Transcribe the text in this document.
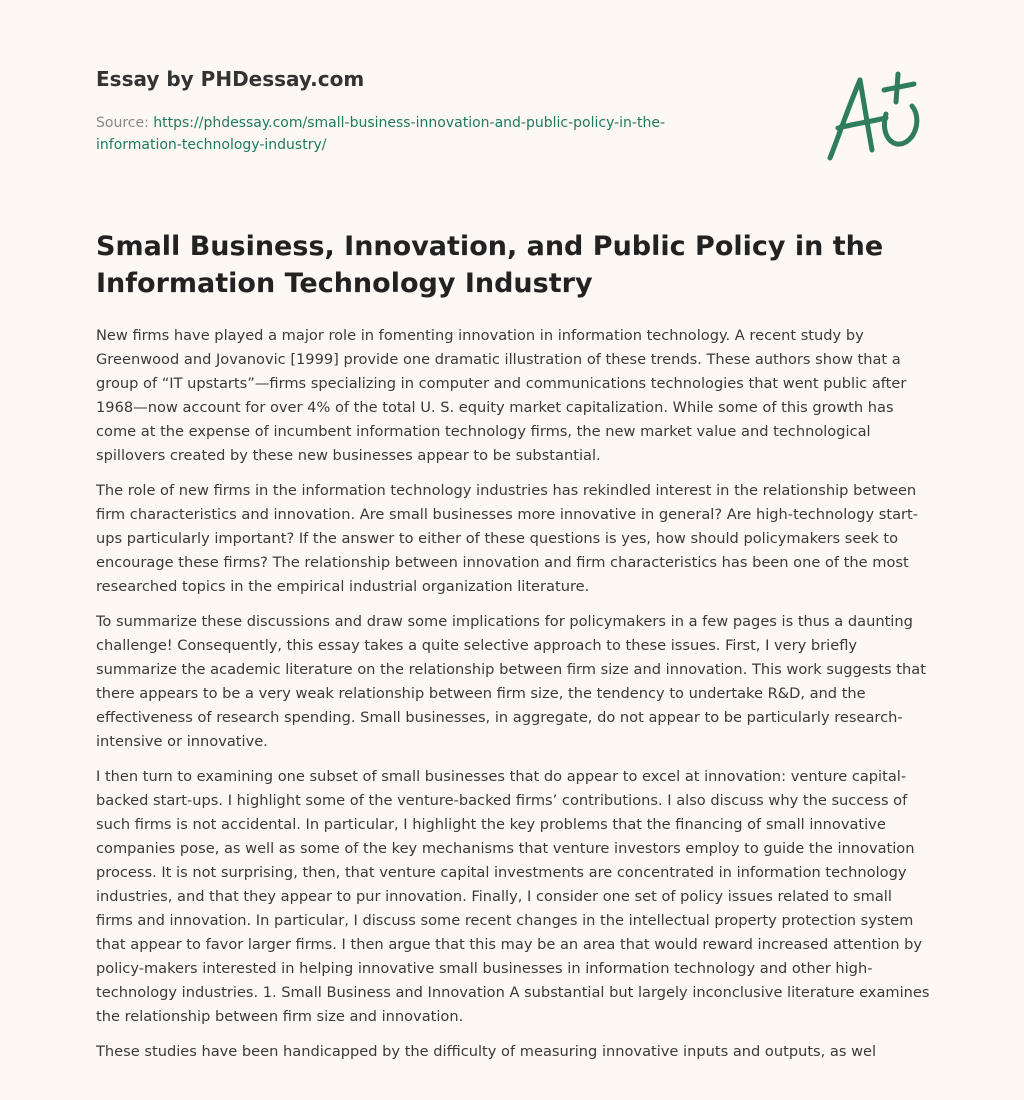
Essay by PHDessay.com
Source: https://phdessay.com/small-business-innovation-and-public-policy-in-the-information-technology-industry/
Small Business, Innovation, and Public Policy in the Information Technology Industry

New firms have played a major role in fomenting innovation in information technology. A recent study by Greenwood and Jovanovic [1999] provide one dramatic illustration of these trends. These authors show that a group of “IT upstarts”—firms specializing in computer and communications technologies that went public after 1968—now account for over 4% of the total U. S. equity market capitalization. While some of this growth has come at the expense of incumbent information technology firms, the new market value and technological spillovers created by these new businesses appear to be substantial.

The role of new firms in the information technology industries has rekindled interest in the relationship between firm characteristics and innovation. Are small businesses more innovative in general? Are high-technology start-ups particularly important? If the answer to either of these questions is yes, how should policymakers seek to encourage these firms? The relationship between innovation and firm characteristics has been one of the most researched topics in the empirical industrial organization literature.

To summarize these discussions and draw some implications for policymakers in a few pages is thus a daunting challenge! Consequently, this essay takes a quite selective approach to these issues. First, I very briefly summarize the academic literature on the relationship between firm size and innovation. This work suggests that there appears to be a very weak relationship between firm size, the tendency to undertake R&D, and the effectiveness of research spending. Small businesses, in aggregate, do not appear to be particularly research-intensive or innovative.

I then turn to examining one subset of small businesses that do appear to excel at innovation: venture capital-backed start-ups. I highlight some of the venture-backed firms’ contributions. I also discuss why the success of such firms is not accidental. In particular, I highlight the key problems that the financing of small innovative companies pose, as well as some of the key mechanisms that venture investors employ to guide the innovation process. It is not surprising, then, that venture capital investments are concentrated in information technology industries, and that they appear to pur innovation. Finally, I consider one set of policy issues related to small firms and innovation. In particular, I discuss some recent changes in the intellectual property protection system that appear to favor larger firms. I then argue that this may be an area that would reward increased attention by policy-makers interested in helping innovative small businesses in information technology and other high-technology industries. 1. Small Business and Innovation A substantial but largely inconclusive literature examines the relationship between firm size and innovation.

These studies have been handicapped by the difficulty of measuring innovative inputs and outputs, as wel
